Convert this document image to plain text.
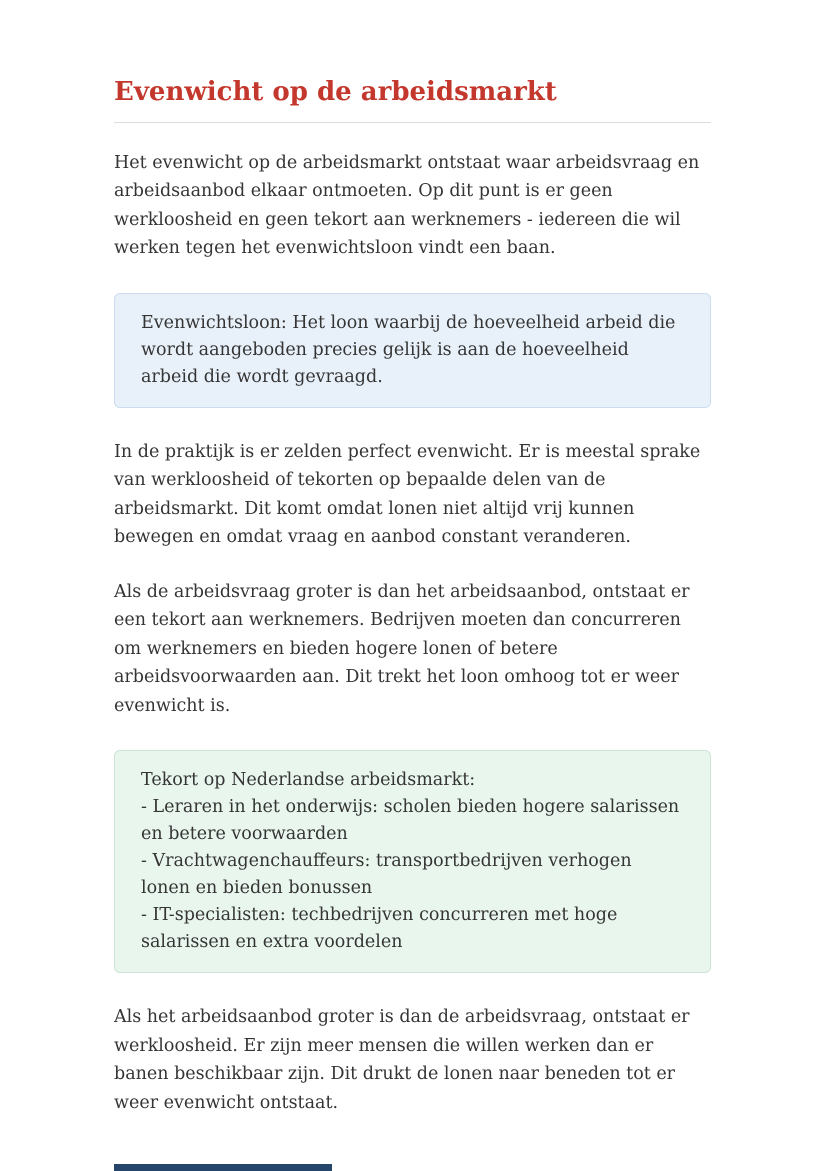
Evenwicht op de arbeidsmarkt

Het evenwicht op de arbeidsmarkt ontstaat waar arbeidsvraag en arbeidsaanbod elkaar ontmoeten. Op dit punt is er geen werkloosheid en geen tekort aan werknemers - iedereen die wil werken tegen het evenwichtsloon vindt een baan.

Evenwichtsloon: Het loon waarbij de hoeveelheid arbeid die wordt aangeboden precies gelijk is aan de hoeveelheid arbeid die wordt gevraagd.

In de praktijk is er zelden perfect evenwicht. Er is meestal sprake van werkloosheid of tekorten op bepaalde delen van de arbeidsmarkt. Dit komt omdat lonen niet altijd vrij kunnen bewegen en omdat vraag en aanbod constant veranderen.

Als de arbeidsvraag groter is dan het arbeidsaanbod, ontstaat er een tekort aan werknemers. Bedrijven moeten dan concurreren om werknemers en bieden hogere lonen of betere arbeidsvoorwaarden aan. Dit trekt het loon omhoog tot er weer evenwicht is.

Tekort op Nederlandse arbeidsmarkt:
- Leraren in het onderwijs: scholen bieden hogere salarissen en betere voorwaarden
- Vrachtwagenchauffeurs: transportbedrijven verhogen lonen en bieden bonussen
- IT-specialisten: techbedrijven concurreren met hoge salarissen en extra voordelen

Als het arbeidsaanbod groter is dan de arbeidsvraag, ontstaat er werkloosheid. Er zijn meer mensen die willen werken dan er banen beschikbaar zijn. Dit drukt de lonen naar beneden tot er weer evenwicht ontstaat.
